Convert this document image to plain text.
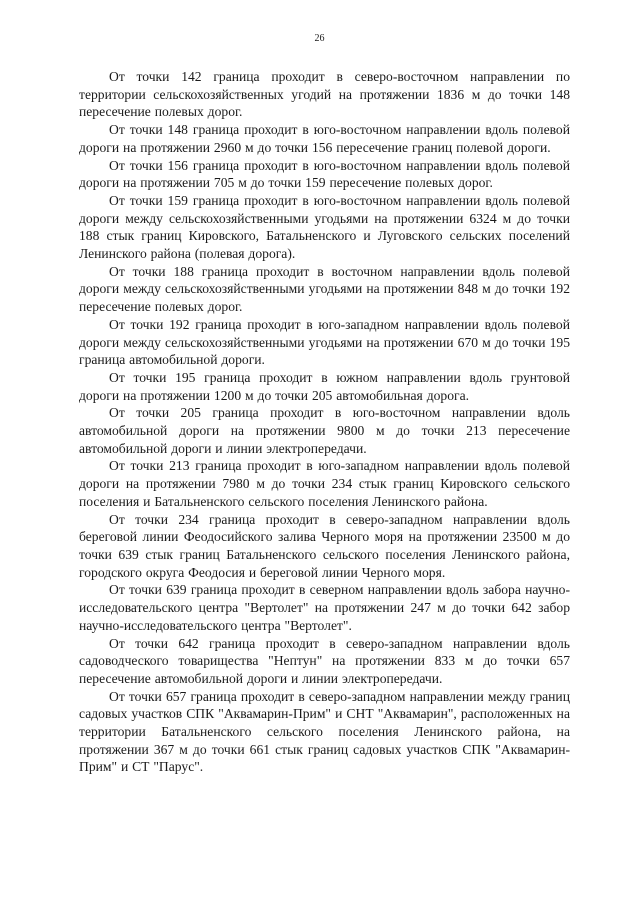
26

От точки 142 граница проходит в северо-восточном направлении по территории сельскохозяйственных угодий на протяжении 1836 м до точки 148 пересечение полевых дорог.

От точки 148 граница проходит в юго-восточном направлении вдоль полевой дороги на протяжении 2960 м до точки 156 пересечение границ полевой дороги.

От точки 156 граница проходит в юго-восточном направлении вдоль полевой дороги на протяжении 705 м до точки 159 пересечение полевых дорог.

От точки 159 граница проходит в юго-восточном направлении вдоль полевой дороги между сельскохозяйственными угодьями на протяжении 6324 м до точки 188 стык границ Кировского, Батальненского и Луговского сельских поселений Ленинского района (полевая дорога).

От точки 188 граница проходит в восточном направлении вдоль полевой дороги между сельскохозяйственными угодьями на протяжении 848 м до точки 192 пересечение полевых дорог.

От точки 192 граница проходит в юго-западном направлении вдоль полевой дороги между сельскохозяйственными угодьями на протяжении 670 м до точки 195 граница автомобильной дороги.

От точки 195 граница проходит в южном направлении вдоль грунтовой дороги на протяжении 1200 м до точки 205 автомобильная дорога.

От точки 205 граница проходит в юго-восточном направлении вдоль автомобильной дороги на протяжении 9800 м до точки 213 пересечение автомобильной дороги и линии электропередачи.

От точки 213 граница проходит в юго-западном направлении вдоль полевой дороги на протяжении 7980 м до точки 234 стык границ Кировского сельского поселения и Батальненского сельского поселения Ленинского района.

От точки 234 граница проходит в северо-западном направлении вдоль береговой линии Феодосийского залива Черного моря на протяжении 23500 м до точки 639 стык границ Батальненского сельского поселения Ленинского района, городского округа Феодосия и береговой линии Черного моря.

От точки 639 граница проходит в северном направлении вдоль забора научно-исследовательского центра "Вертолет" на протяжении 247 м до точки 642 забор научно-исследовательского центра "Вертолет".

От точки 642 граница проходит в северо-западном направлении вдоль садоводческого товарищества "Нептун" на протяжении 833 м до точки 657 пересечение автомобильной дороги и линии электропередачи.

От точки 657 граница проходит в северо-западном направлении между границ садовых участков СПК "Аквамарин-Прим" и СНТ "Аквамарин", расположенных на территории Батальненского сельского поселения Ленинского района, на протяжении 367 м до точки 661 стык границ садовых участков СПК "Аквамарин-Прим" и СТ "Парус".
